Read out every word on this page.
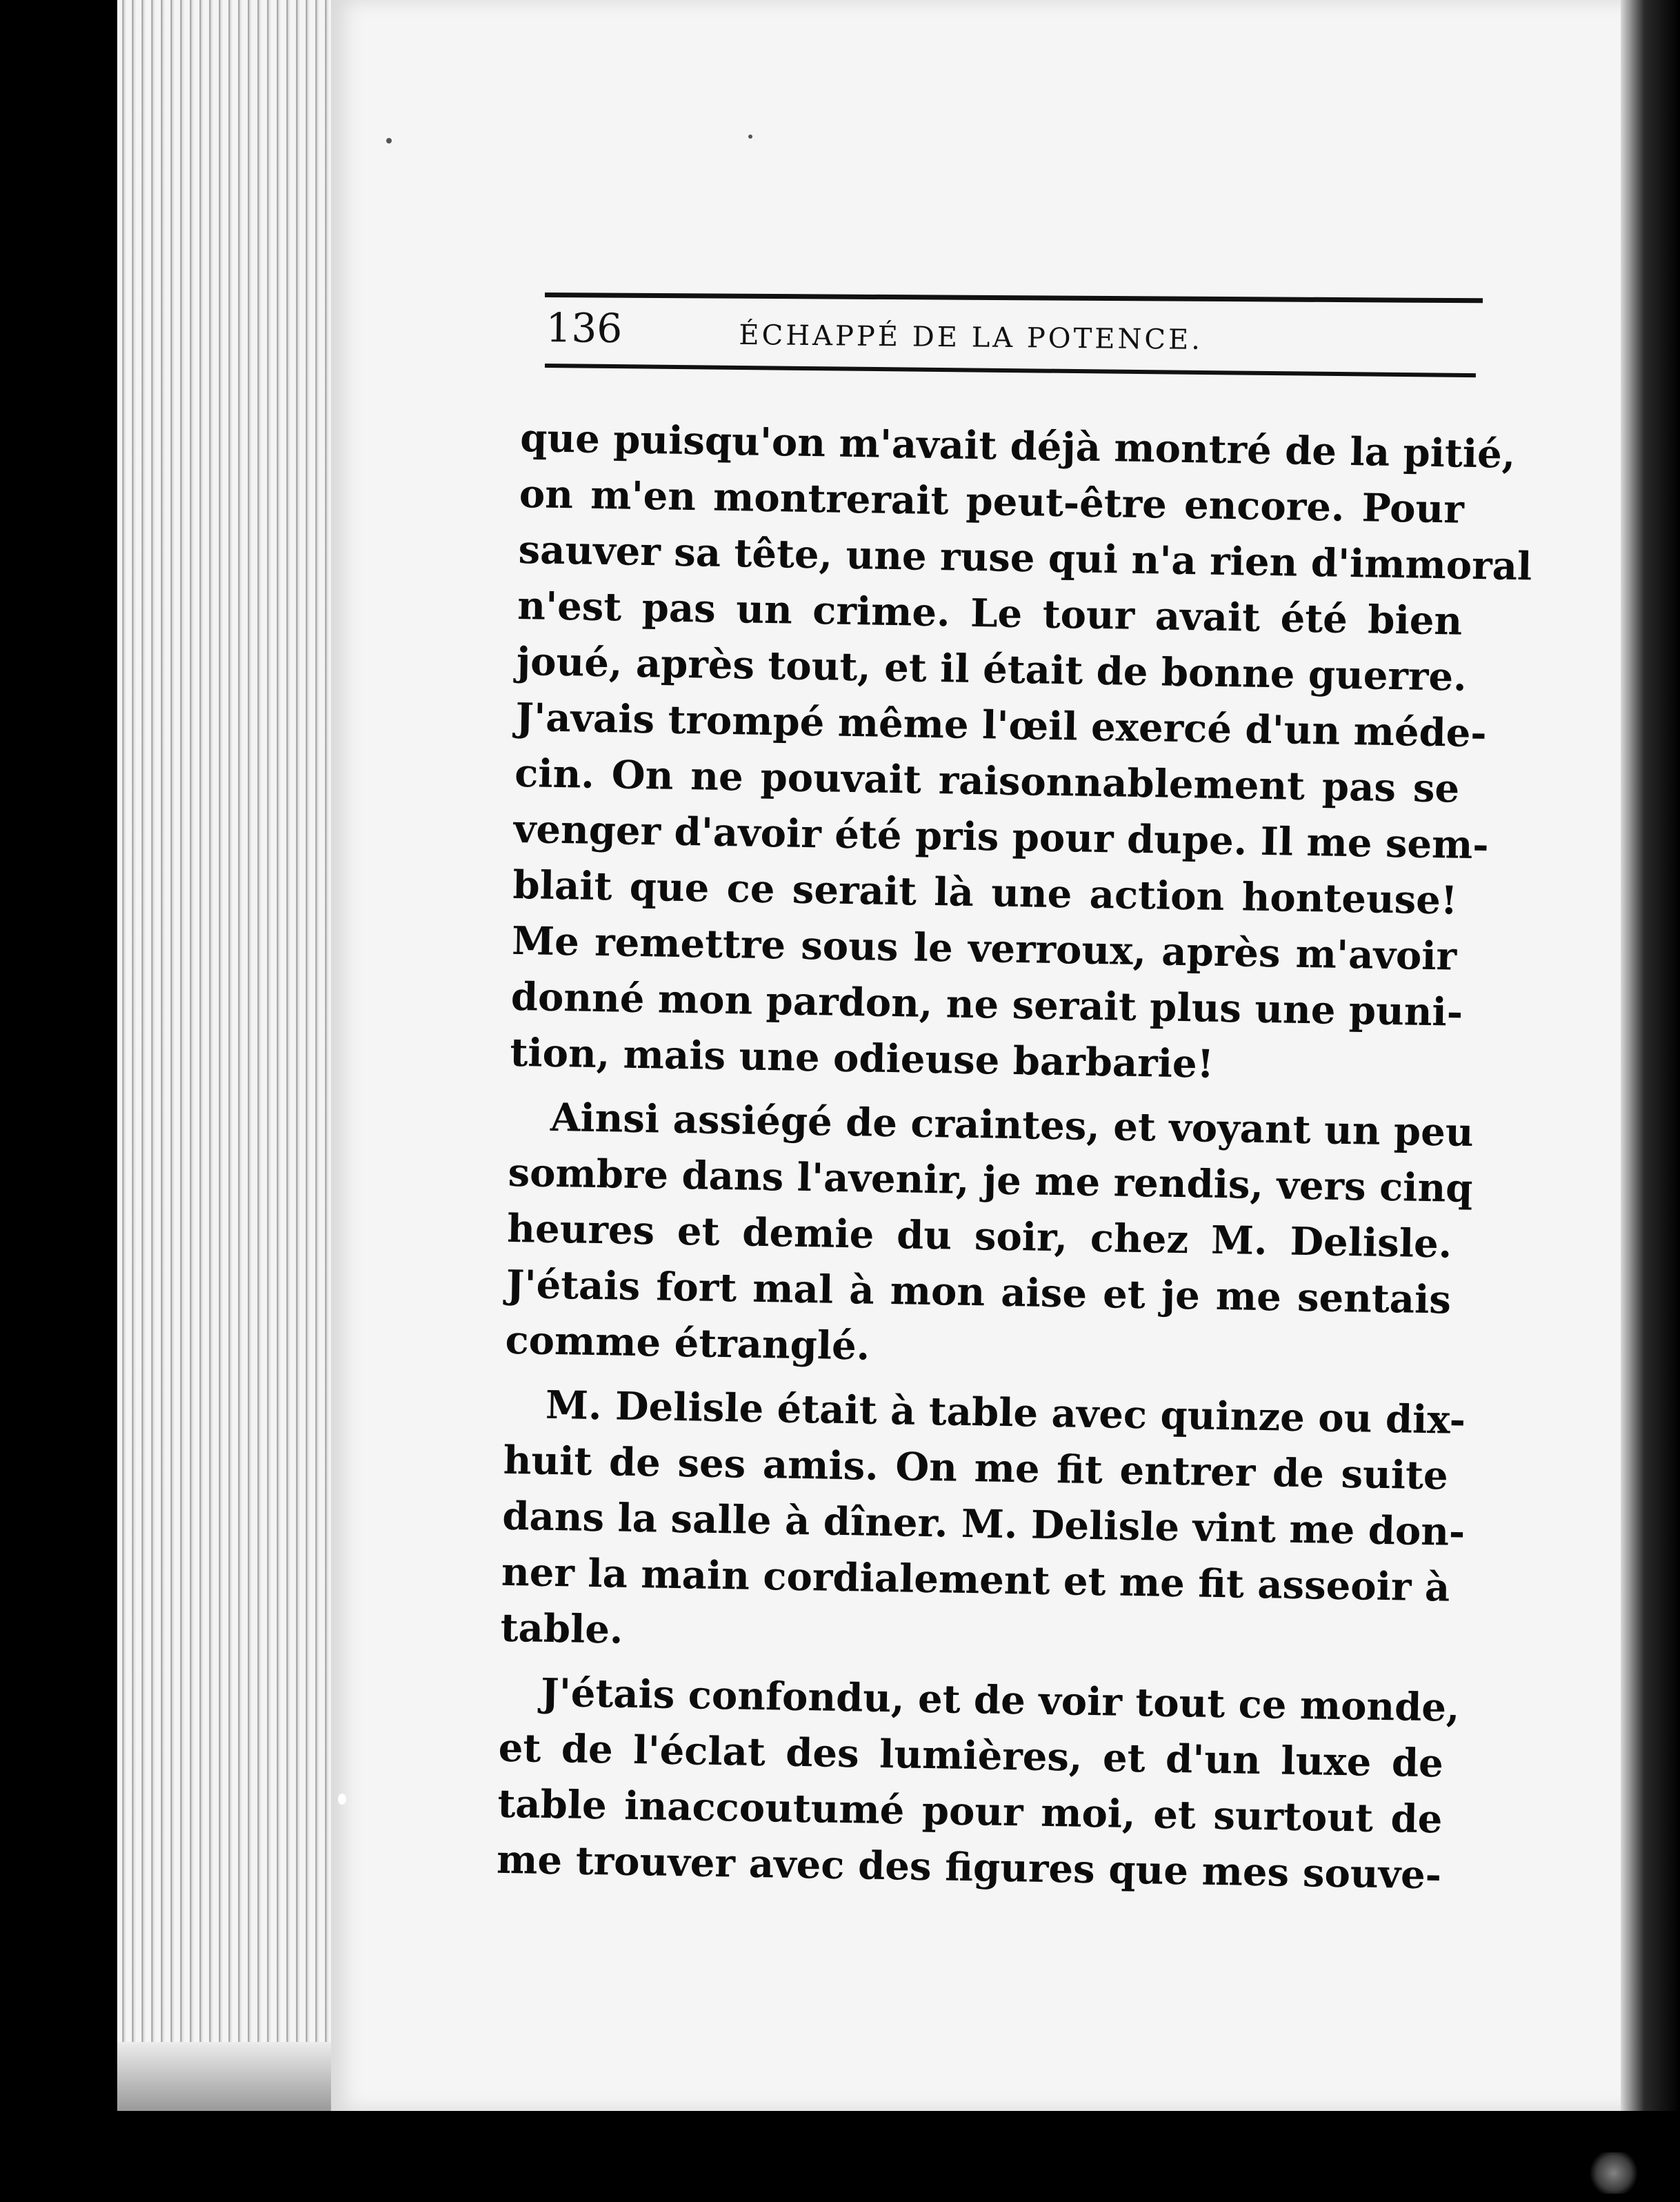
136	ÉCHAPPÉ DE LA POTENCE.
que puisqu'on m'avait déjà montré de la pitié,
on m'en montrerait peut-être encore. Pour
sauver sa tête, une ruse qui n'a rien d'immoral
n'est pas un crime. Le tour avait été bien
joué, après tout, et il était de bonne guerre.
J'avais trompé même l'œil exercé d'un méde-
cin. On ne pouvait raisonnablement pas se
venger d'avoir été pris pour dupe. Il me sem-
blait que ce serait là une action honteuse!
Me remettre sous le verroux, après m'avoir
donné mon pardon, ne serait plus une puni-
tion, mais une odieuse barbarie!
Ainsi assiégé de craintes, et voyant un peu
sombre dans l'avenir, je me rendis, vers cinq
heures et demie du soir, chez M. Delisle.
J'étais fort mal à mon aise et je me sentais
comme étranglé.
M. Delisle était à table avec quinze ou dix-
huit de ses amis. On me fit entrer de suite
dans la salle à dîner. M. Delisle vint me don-
ner la main cordialement et me fit asseoir à
table.
J'étais confondu, et de voir tout ce monde,
et de l'éclat des lumières, et d'un luxe de
table inaccoutumé pour moi, et surtout de
me trouver avec des figures que mes souve-
